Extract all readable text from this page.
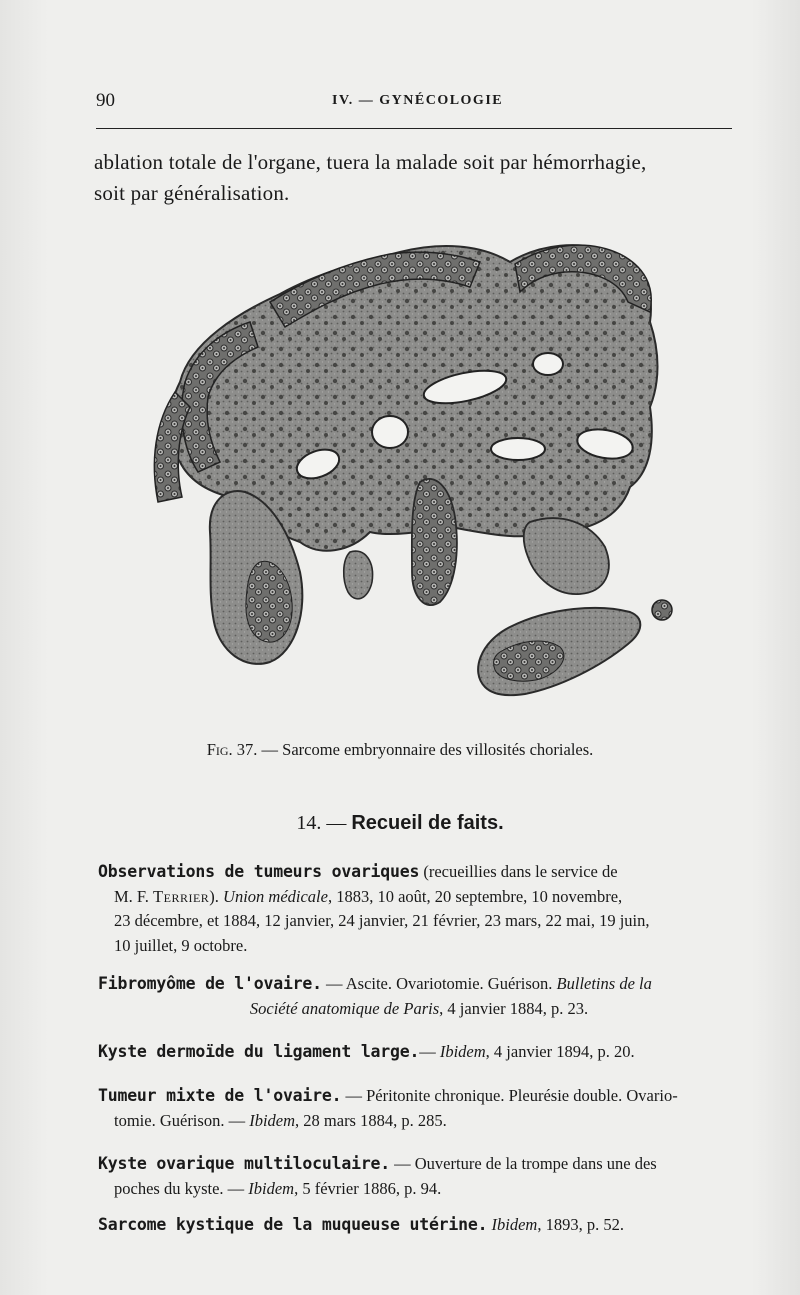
90	IV. — GYNÉCOLOGIE

ablation totale de l'organe, tuera la malade soit par hémorrhagie,

soit par généralisation.

Fig. 37. — Sarcome embryonnaire des villosités choriales.
14. — Recueil de faits.
Observations de tumeurs ovariques (recueillies dans le service de
M. F. Terrier). Union médicale, 1883, 10 août, 20 septembre, 10 novembre,
23 décembre, et 1884, 12 janvier, 24 janvier, 21 février, 23 mars, 22 mai, 19 juin,
10 juillet, 9 octobre.
Fibromyôme de l'ovaire. — Ascite. Ovariotomie. Guérison. Bulletins de la
Société anatomique de Paris, 4 janvier 1884, p. 23.
Kyste dermoïde du ligament large.— Ibidem, 4 janvier 1894, p. 20.
Tumeur mixte de l'ovaire. — Péritonite chronique. Pleurésie double. Ovario-
tomie. Guérison. — Ibidem, 28 mars 1884, p. 285.
Kyste ovarique multiloculaire. — Ouverture de la trompe dans une des
poches du kyste. — Ibidem, 5 février 1886, p. 94.
Sarcome kystique de la muqueuse utérine. Ibidem, 1893, p. 52.
